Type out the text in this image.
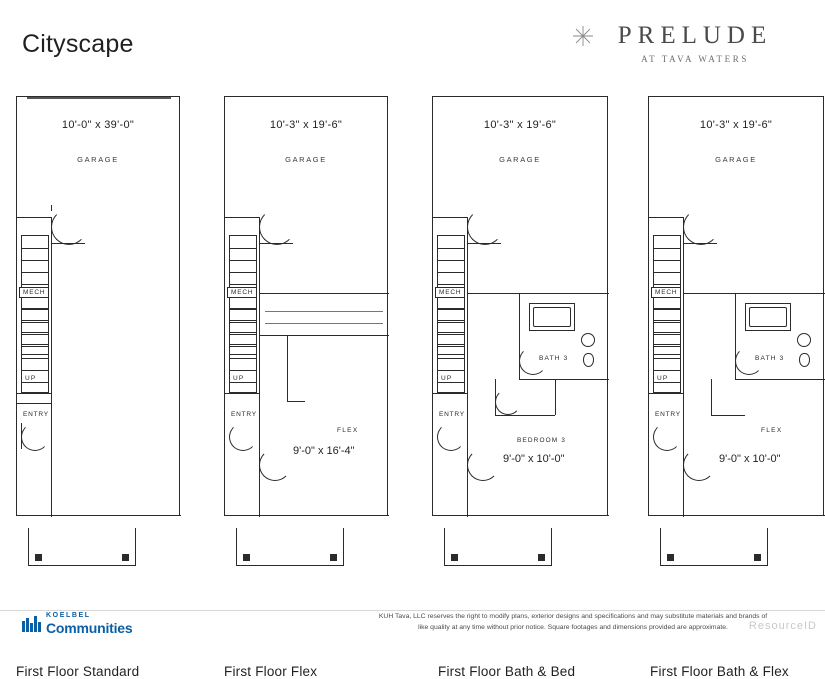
Cityscape	PRELUDE
AT TAVA WATERS
10'-0" x 39'-0"
GARAGE
MECH
UP
ENTRY
First Floor Standard
10'-3" x 19'-6"
GARAGE
MECH
UP
ENTRY
FLEX
9'-0" x 16'-4"
First Floor Flex
10'-3" x 19'-6"
GARAGE
MECH
UP
ENTRY
BATH 3
BEDROOM 3
9'-0" x 10'-0"
First Floor Bath & Bed
10'-3" x 19'-6"
GARAGE
MECH
UP
ENTRY
BATH 3
FLEX
9'-0" x 10'-0"
First Floor Bath & Flex
KOELBEL
Communities
KUH Tava, LLC reserves the right to modify plans, exterior designs and specifications and may substitute materials and brands of like quality at any time without prior notice. Square footages and dimensions provided are approximate.	ResourceID
